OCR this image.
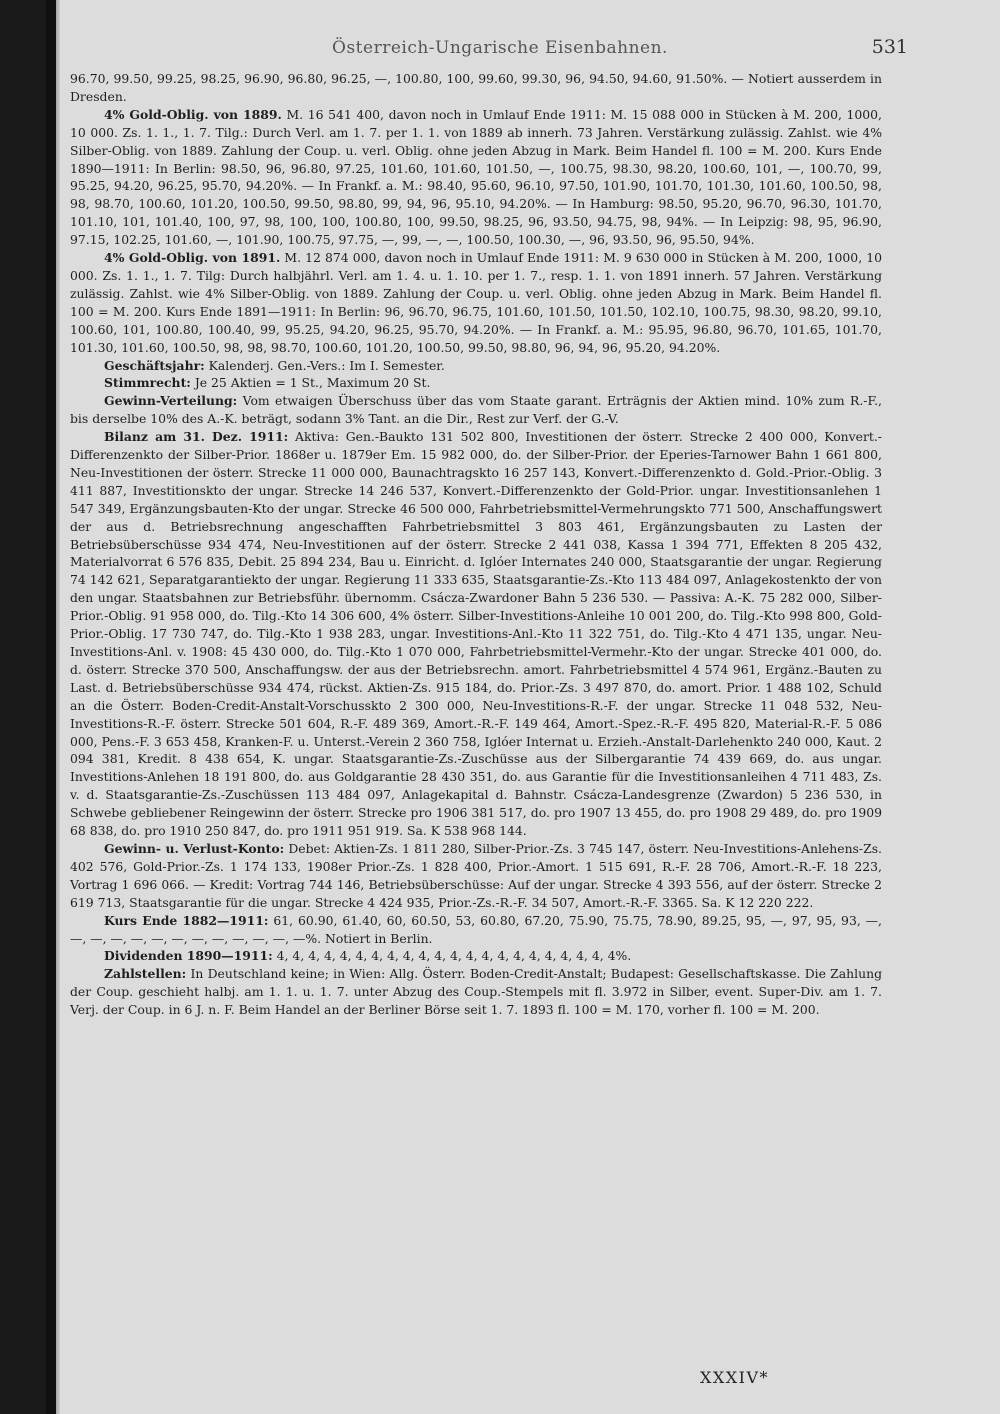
Österreich-Ungarische Eisenbahnen.	531

96.70, 99.50, 99.25, 98.25, 96.90, 96.80, 96.25, —, 100.80, 100, 99.60, 99.30, 96, 94.50, 94.60, 91.50%. — Notiert ausserdem in Dresden.

4% Gold-Oblig. von 1889. M. 16 541 400, davon noch in Umlauf Ende 1911: M. 15 088 000 in Stücken à M. 200, 1000, 10 000. Zs. 1. 1., 1. 7. Tilg.: Durch Verl. am 1. 7. per 1. 1. von 1889 ab innerh. 73 Jahren. Verstärkung zulässig. Zahlst. wie 4% Silber-Oblig. von 1889. Zahlung der Coup. u. verl. Oblig. ohne jeden Abzug in Mark. Beim Handel fl. 100 = M. 200. Kurs Ende 1890—1911: In Berlin: 98.50, 96, 96.80, 97.25, 101.60, 101.60, 101.50, —, 100.75, 98.30, 98.20, 100.60, 101, —, 100.70, 99, 95.25, 94.20, 96.25, 95.70, 94.20%. — In Frankf. a. M.: 98.40, 95.60, 96.10, 97.50, 101.90, 101.70, 101.30, 101.60, 100.50, 98, 98, 98.70, 100.60, 101.20, 100.50, 99.50, 98.80, 99, 94, 96, 95.10, 94.20%. — In Hamburg: 98.50, 95.20, 96.70, 96.30, 101.70, 101.10, 101, 101.40, 100, 97, 98, 100, 100, 100.80, 100, 99.50, 98.25, 96, 93.50, 94.75, 98, 94%. — In Leipzig: 98, 95, 96.90, 97.15, 102.25, 101.60, —, 101.90, 100.75, 97.75, —, 99, —, —, 100.50, 100.30, —, 96, 93.50, 96, 95.50, 94%.

4% Gold-Oblig. von 1891. M. 12 874 000, davon noch in Umlauf Ende 1911: M. 9 630 000 in Stücken à M. 200, 1000, 10 000. Zs. 1. 1., 1. 7. Tilg: Durch halbjährl. Verl. am 1. 4. u. 1. 10. per 1. 7., resp. 1. 1. von 1891 innerh. 57 Jahren. Verstärkung zulässig. Zahlst. wie 4% Silber-Oblig. von 1889. Zahlung der Coup. u. verl. Oblig. ohne jeden Abzug in Mark. Beim Handel fl. 100 = M. 200. Kurs Ende 1891—1911: In Berlin: 96, 96.70, 96.75, 101.60, 101.50, 101.50, 102.10, 100.75, 98.30, 98.20, 99.10, 100.60, 101, 100.80, 100.40, 99, 95.25, 94.20, 96.25, 95.70, 94.20%. — In Frankf. a. M.: 95.95, 96.80, 96.70, 101.65, 101.70, 101.30, 101.60, 100.50, 98, 98, 98.70, 100.60, 101.20, 100.50, 99.50, 98.80, 96, 94, 96, 95.20, 94.20%.

Geschäftsjahr: Kalenderj. Gen.-Vers.: Im I. Semester.

Stimmrecht: Je 25 Aktien = 1 St., Maximum 20 St.

Gewinn-Verteilung: Vom etwaigen Überschuss über das vom Staate garant. Erträgnis der Aktien mind. 10% zum R.-F., bis derselbe 10% des A.-K. beträgt, sodann 3% Tant. an die Dir., Rest zur Verf. der G.-V.

Bilanz am 31. Dez. 1911: Aktiva: Gen.-Baukto 131 502 800, Investitionen der österr. Strecke 2 400 000, Konvert.-Differenzenkto der Silber-Prior. 1868er u. 1879er Em. 15 982 000, do. der Silber-Prior. der Eperies-Tarnower Bahn 1 661 800, Neu-Investitionen der österr. Strecke 11 000 000, Baunachtragskto 16 257 143, Konvert.-Differenzenkto d. Gold.-Prior.-Oblig. 3 411 887, Investitionskto der ungar. Strecke 14 246 537, Konvert.-Differenzenkto der Gold-Prior. ungar. Investitionsanlehen 1 547 349, Ergänzungsbauten-Kto der ungar. Strecke 46 500 000, Fahrbetriebsmittel-Vermehrungskto 771 500, Anschaffungswert der aus d. Betriebsrechnung angeschafften Fahrbetriebsmittel 3 803 461, Ergänzungsbauten zu Lasten der Betriebsüberschüsse 934 474, Neu-Investitionen auf der österr. Strecke 2 441 038, Kassa 1 394 771, Effekten 8 205 432, Materialvorrat 6 576 835, Debit. 25 894 234, Bau u. Einricht. d. Iglóer Internates 240 000, Staatsgarantie der ungar. Regierung 74 142 621, Separatgarantiekto der ungar. Regierung 11 333 635, Staatsgarantie-Zs.-Kto 113 484 097, Anlagekostenkto der von den ungar. Staatsbahnen zur Betriebsführ. übernomm. Csácza-Zwardoner Bahn 5 236 530. — Passiva: A.-K. 75 282 000, Silber-Prior.-Oblig. 91 958 000, do. Tilg.-Kto 14 306 600, 4% österr. Silber-Investitions-Anleihe 10 001 200, do. Tilg.-Kto 998 800, Gold-Prior.-Oblig. 17 730 747, do. Tilg.-Kto 1 938 283, ungar. Investitions-Anl.-Kto 11 322 751, do. Tilg.-Kto 4 471 135, ungar. Neu-Investitions-Anl. v. 1908: 45 430 000, do. Tilg.-Kto 1 070 000, Fahrbetriebsmittel-Vermehr.-Kto der ungar. Strecke 401 000, do. d. österr. Strecke 370 500, Anschaffungsw. der aus der Betriebsrechn. amort. Fahrbetriebsmittel 4 574 961, Ergänz.-Bauten zu Last. d. Betriebsüberschüsse 934 474, rückst. Aktien-Zs. 915 184, do. Prior.-Zs. 3 497 870, do. amort. Prior. 1 488 102, Schuld an die Österr. Boden-Credit-Anstalt-Vorschusskto 2 300 000, Neu-Investitions-R.-F. der ungar. Strecke 11 048 532, Neu-Investitions-R.-F. österr. Strecke 501 604, R.-F. 489 369, Amort.-R.-F. 149 464, Amort.-Spez.-R.-F. 495 820, Material-R.-F. 5 086 000, Pens.-F. 3 653 458, Kranken-F. u. Unterst.-Verein 2 360 758, Iglóer Internat u. Erzieh.-Anstalt-Darlehenkto 240 000, Kaut. 2 094 381, Kredit. 8 438 654, K. ungar. Staatsgarantie-Zs.-Zuschüsse aus der Silbergarantie 74 439 669, do. aus ungar. Investitions-Anlehen 18 191 800, do. aus Goldgarantie 28 430 351, do. aus Garantie für die Investitionsanleihen 4 711 483, Zs. v. d. Staatsgarantie-Zs.-Zuschüssen 113 484 097, Anlagekapital d. Bahnstr. Csácza-Landesgrenze (Zwardon) 5 236 530, in Schwebe gebliebener Reingewinn der österr. Strecke pro 1906 381 517, do. pro 1907 13 455, do. pro 1908 29 489, do. pro 1909 68 838, do. pro 1910 250 847, do. pro 1911 951 919. Sa. K 538 968 144.

Gewinn- u. Verlust-Konto: Debet: Aktien-Zs. 1 811 280, Silber-Prior.-Zs. 3 745 147, österr. Neu-Investitions-Anlehens-Zs. 402 576, Gold-Prior.-Zs. 1 174 133, 1908er Prior.-Zs. 1 828 400, Prior.-Amort. 1 515 691, R.-F. 28 706, Amort.-R.-F. 18 223, Vortrag 1 696 066. — Kredit: Vortrag 744 146, Betriebsüberschüsse: Auf der ungar. Strecke 4 393 556, auf der österr. Strecke 2 619 713, Staatsgarantie für die ungar. Strecke 4 424 935, Prior.-Zs.-R.-F. 34 507, Amort.-R.-F. 3365. Sa. K 12 220 222.

Kurs Ende 1882—1911: 61, 60.90, 61.40, 60, 60.50, 53, 60.80, 67.20, 75.90, 75.75, 78.90, 89.25, 95, —, 97, 95, 93, —, —, —, —, —, —, —, —, —, —, —, —, —%. Notiert in Berlin.

Dividenden 1890—1911: 4, 4, 4, 4, 4, 4, 4, 4, 4, 4, 4, 4, 4, 4, 4, 4, 4, 4, 4, 4, 4, 4%.

Zahlstellen: In Deutschland keine; in Wien: Allg. Österr. Boden-Credit-Anstalt; Budapest: Gesellschaftskasse. Die Zahlung der Coup. geschieht halbj. am 1. 1. u. 1. 7. unter Abzug des Coup.-Stempels mit fl. 3.972 in Silber, event. Super-Div. am 1. 7. Verj. der Coup. in 6 J. n. F. Beim Handel an der Berliner Börse seit 1. 7. 1893 fl. 100 = M. 170, vorher fl. 100 = M. 200.

XXXIV*
